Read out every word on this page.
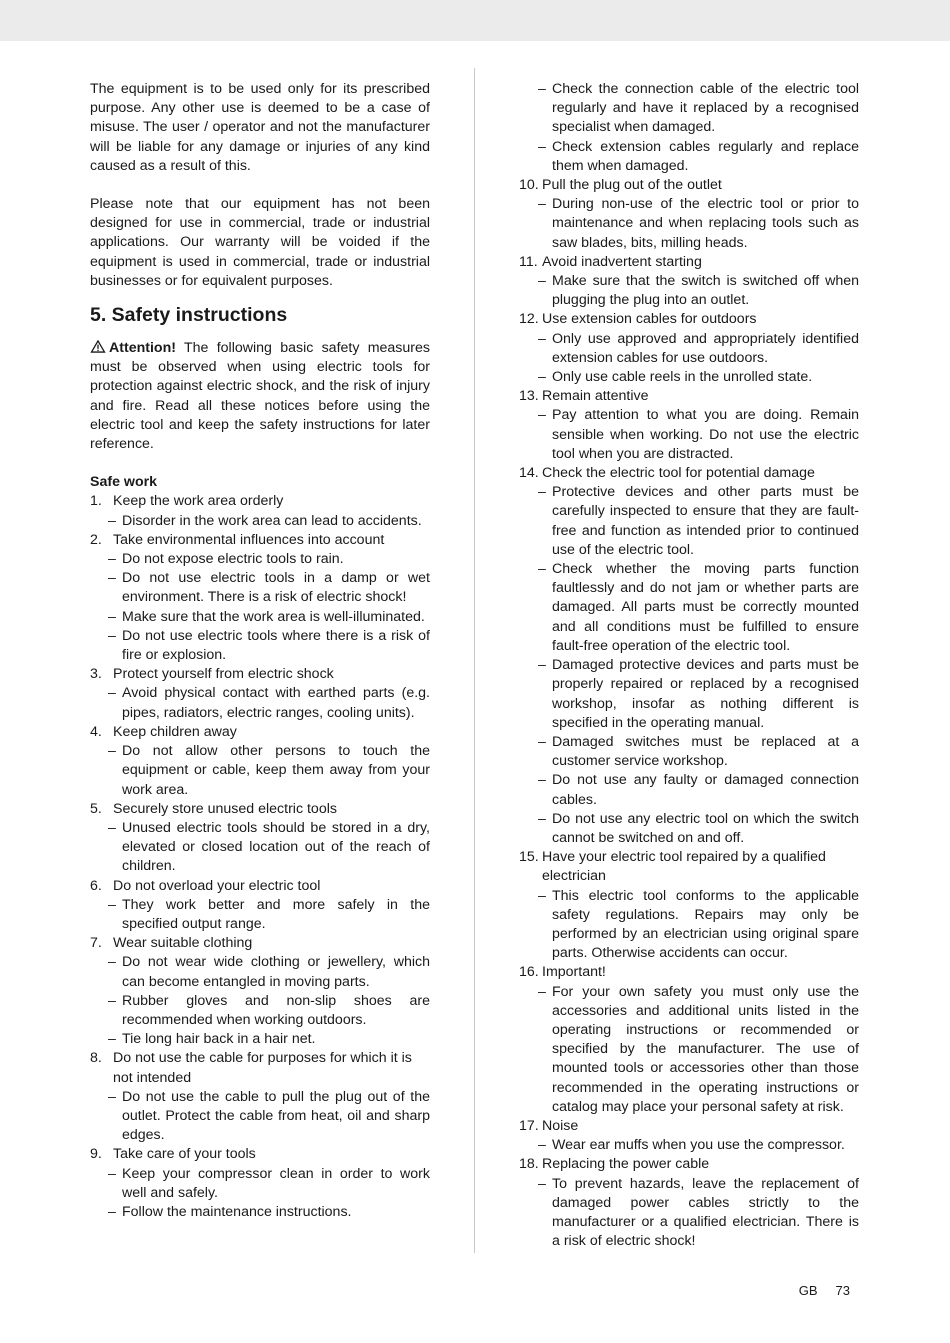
The equipment is to be used only for its prescribed purpose. Any other use is deemed to be a case of misuse. The user / operator and not the manufacturer will be liable for any damage or injuries of any kind caused as a result of this.

Please note that our equipment has not been designed for use in commercial, trade or industrial applications. Our warranty will be voided if the equipment is used in commercial, trade or industrial businesses or for equivalent purposes.

5. Safety instructions

Attention! The following basic safety measures must be observed when using electric tools for protection against electric shock, and the risk of injury and fire. Read all these notices before using the electric tool and keep the safety instructions for later reference.

Safe work
1. Keep the work area orderly
– Disorder in the work area can lead to accidents.
2. Take environmental influences into account
– Do not expose electric tools to rain.
– Do not use electric tools in a damp or wet environment. There is a risk of electric shock!
– Make sure that the work area is well-illuminated.
– Do not use electric tools where there is a risk of fire or explosion.
3. Protect yourself from electric shock
– Avoid physical contact with earthed parts (e.g. pipes, radiators, electric ranges, cooling units).
4. Keep children away
– Do not allow other persons to touch the equipment or cable, keep them away from your work area.
5. Securely store unused electric tools
– Unused electric tools should be stored in a dry, elevated or closed location out of the reach of children.
6. Do not overload your electric tool
– They work better and more safely in the specified output range.
7. Wear suitable clothing
– Do not wear wide clothing or jewellery, which can become entangled in moving parts.
– Rubber gloves and non-slip shoes are recommended when working outdoors.
– Tie long hair back in a hair net.
8. Do not use the cable for purposes for which it is not intended
– Do not use the cable to pull the plug out of the outlet. Protect the cable from heat, oil and sharp edges.
9. Take care of your tools
– Keep your compressor clean in order to work well and safely.
– Follow the maintenance instructions.
– Check the connection cable of the electric tool regularly and have it replaced by a recognised specialist when damaged.
– Check extension cables regularly and replace them when damaged.
10. Pull the plug out of the outlet
– During non-use of the electric tool or prior to maintenance and when replacing tools such as saw blades, bits, milling heads.
11. Avoid inadvertent starting
– Make sure that the switch is switched off when plugging the plug into an outlet.
12. Use extension cables for outdoors
– Only use approved and appropriately identified extension cables for use outdoors.
– Only use cable reels in the unrolled state.
13. Remain attentive
– Pay attention to what you are doing. Remain sensible when working. Do not use the electric tool when you are distracted.
14. Check the electric tool for potential damage
– Protective devices and other parts must be carefully inspected to ensure that they are fault-free and function as intended prior to continued use of the electric tool.
– Check whether the moving parts function faultlessly and do not jam or whether parts are damaged. All parts must be correctly mounted and all conditions must be fulfilled to ensure fault-free operation of the electric tool.
– Damaged protective devices and parts must be properly repaired or replaced by a recognised workshop, insofar as nothing different is specified in the operating manual.
– Damaged switches must be replaced at a customer service workshop.
– Do not use any faulty or damaged connection cables.
– Do not use any electric tool on which the switch cannot be switched on and off.
15. Have your electric tool repaired by a qualified electrician
– This electric tool conforms to the applicable safety regulations. Repairs may only be performed by an electrician using original spare parts. Otherwise accidents can occur.
16. Important!
– For your own safety you must only use the accessories and additional units listed in the operating instructions or recommended or specified by the manufacturer. The use of mounted tools or accessories other than those recommended in the operating instructions or catalog may place your personal safety at risk.
17. Noise
– Wear ear muffs when you use the compressor.
18. Replacing the power cable
– To prevent hazards, leave the replacement of damaged power cables strictly to the manufacturer or a qualified electrician. There is a risk of electric shock!
GB 73
